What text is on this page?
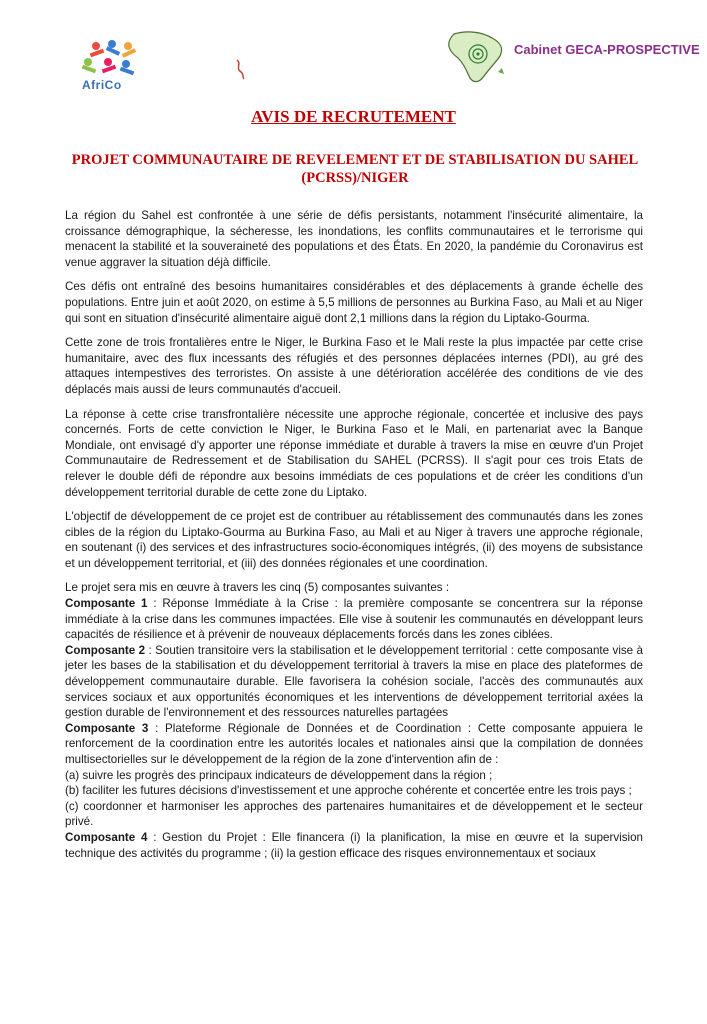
AfriCo
Cabinet GECA-PROSPECTIVE
AVIS DE RECRUTEMENT
PROJET COMMUNAUTAIRE DE REVELEMENT ET DE STABILISATION DU SAHEL (PCRSS)/NIGER

La région du Sahel est confrontée à une série de défis persistants, notamment l'insécurité alimentaire, la croissance démographique, la sécheresse, les inondations, les conflits communautaires et le terrorisme qui menacent la stabilité et la souveraineté des populations et des États. En 2020, la pandémie du Coronavirus est venue aggraver la situation déjà difficile.

Ces défis ont entraîné des besoins humanitaires considérables et des déplacements à grande échelle des populations. Entre juin et août 2020, on estime à 5,5 millions de personnes au Burkina Faso, au Mali et au Niger qui sont en situation d'insécurité alimentaire aiguë dont 2,1 millions dans la région du Liptako-Gourma.

Cette zone de trois frontalières entre le Niger, le Burkina Faso et le Mali reste la plus impactée par cette crise humanitaire, avec des flux incessants des réfugiés et des personnes déplacées internes (PDI), au gré des attaques intempestives des terroristes. On assiste à une détérioration accélérée des conditions de vie des déplacés mais aussi de leurs communautés d'accueil.

La réponse à cette crise transfrontalière nécessite une approche régionale, concertée et inclusive des pays concernés. Forts de cette conviction le Niger, le Burkina Faso et le Mali, en partenariat avec la Banque Mondiale, ont envisagé d'y apporter une réponse immédiate et durable à travers la mise en œuvre d'un Projet Communautaire de Redressement et de Stabilisation du SAHEL (PCRSS). Il s'agit pour ces trois Etats de relever le double défi de répondre aux besoins immédiats de ces populations et de créer les conditions d'un développement territorial durable de cette zone du Liptako.

L'objectif de développement de ce projet est de contribuer au rétablissement des communautés dans les zones cibles de la région du Liptako-Gourma au Burkina Faso, au Mali et au Niger à travers une approche régionale, en soutenant (i) des services et des infrastructures socio-économiques intégrés, (ii) des moyens de subsistance et un développement territorial, et (iii) des données régionales et une coordination.

Le projet sera mis en œuvre à travers les cinq (5) composantes suivantes :

Composante 1 : Réponse Immédiate à la Crise : la première composante se concentrera sur la réponse immédiate à la crise dans les communes impactées. Elle vise à soutenir les communautés en développant leurs capacités de résilience et à prévenir de nouveaux déplacements forcés dans les zones ciblées.

Composante 2 : Soutien transitoire vers la stabilisation et le développement territorial : cette composante vise à jeter les bases de la stabilisation et du développement territorial à travers la mise en place des plateformes de développement communautaire durable. Elle favorisera la cohésion sociale, l'accès des communautés aux services sociaux et aux opportunités économiques et les interventions de développement territorial axées la gestion durable de l'environnement et des ressources naturelles partagées

Composante 3 : Plateforme Régionale de Données et de Coordination : Cette composante appuiera le renforcement de la coordination entre les autorités locales et nationales ainsi que la compilation de données multisectorielles sur le développement de la région de la zone d'intervention afin de :

(a) suivre les progrès des principaux indicateurs de développement dans la région ;

(b) faciliter les futures décisions d'investissement et une approche cohérente et concertée entre les trois pays ;

(c) coordonner et harmoniser les approches des partenaires humanitaires et de développement et le secteur privé.

Composante 4 : Gestion du Projet : Elle financera (i) la planification, la mise en œuvre et la supervision technique des activités du programme ; (ii) la gestion efficace des risques environnementaux et sociaux
